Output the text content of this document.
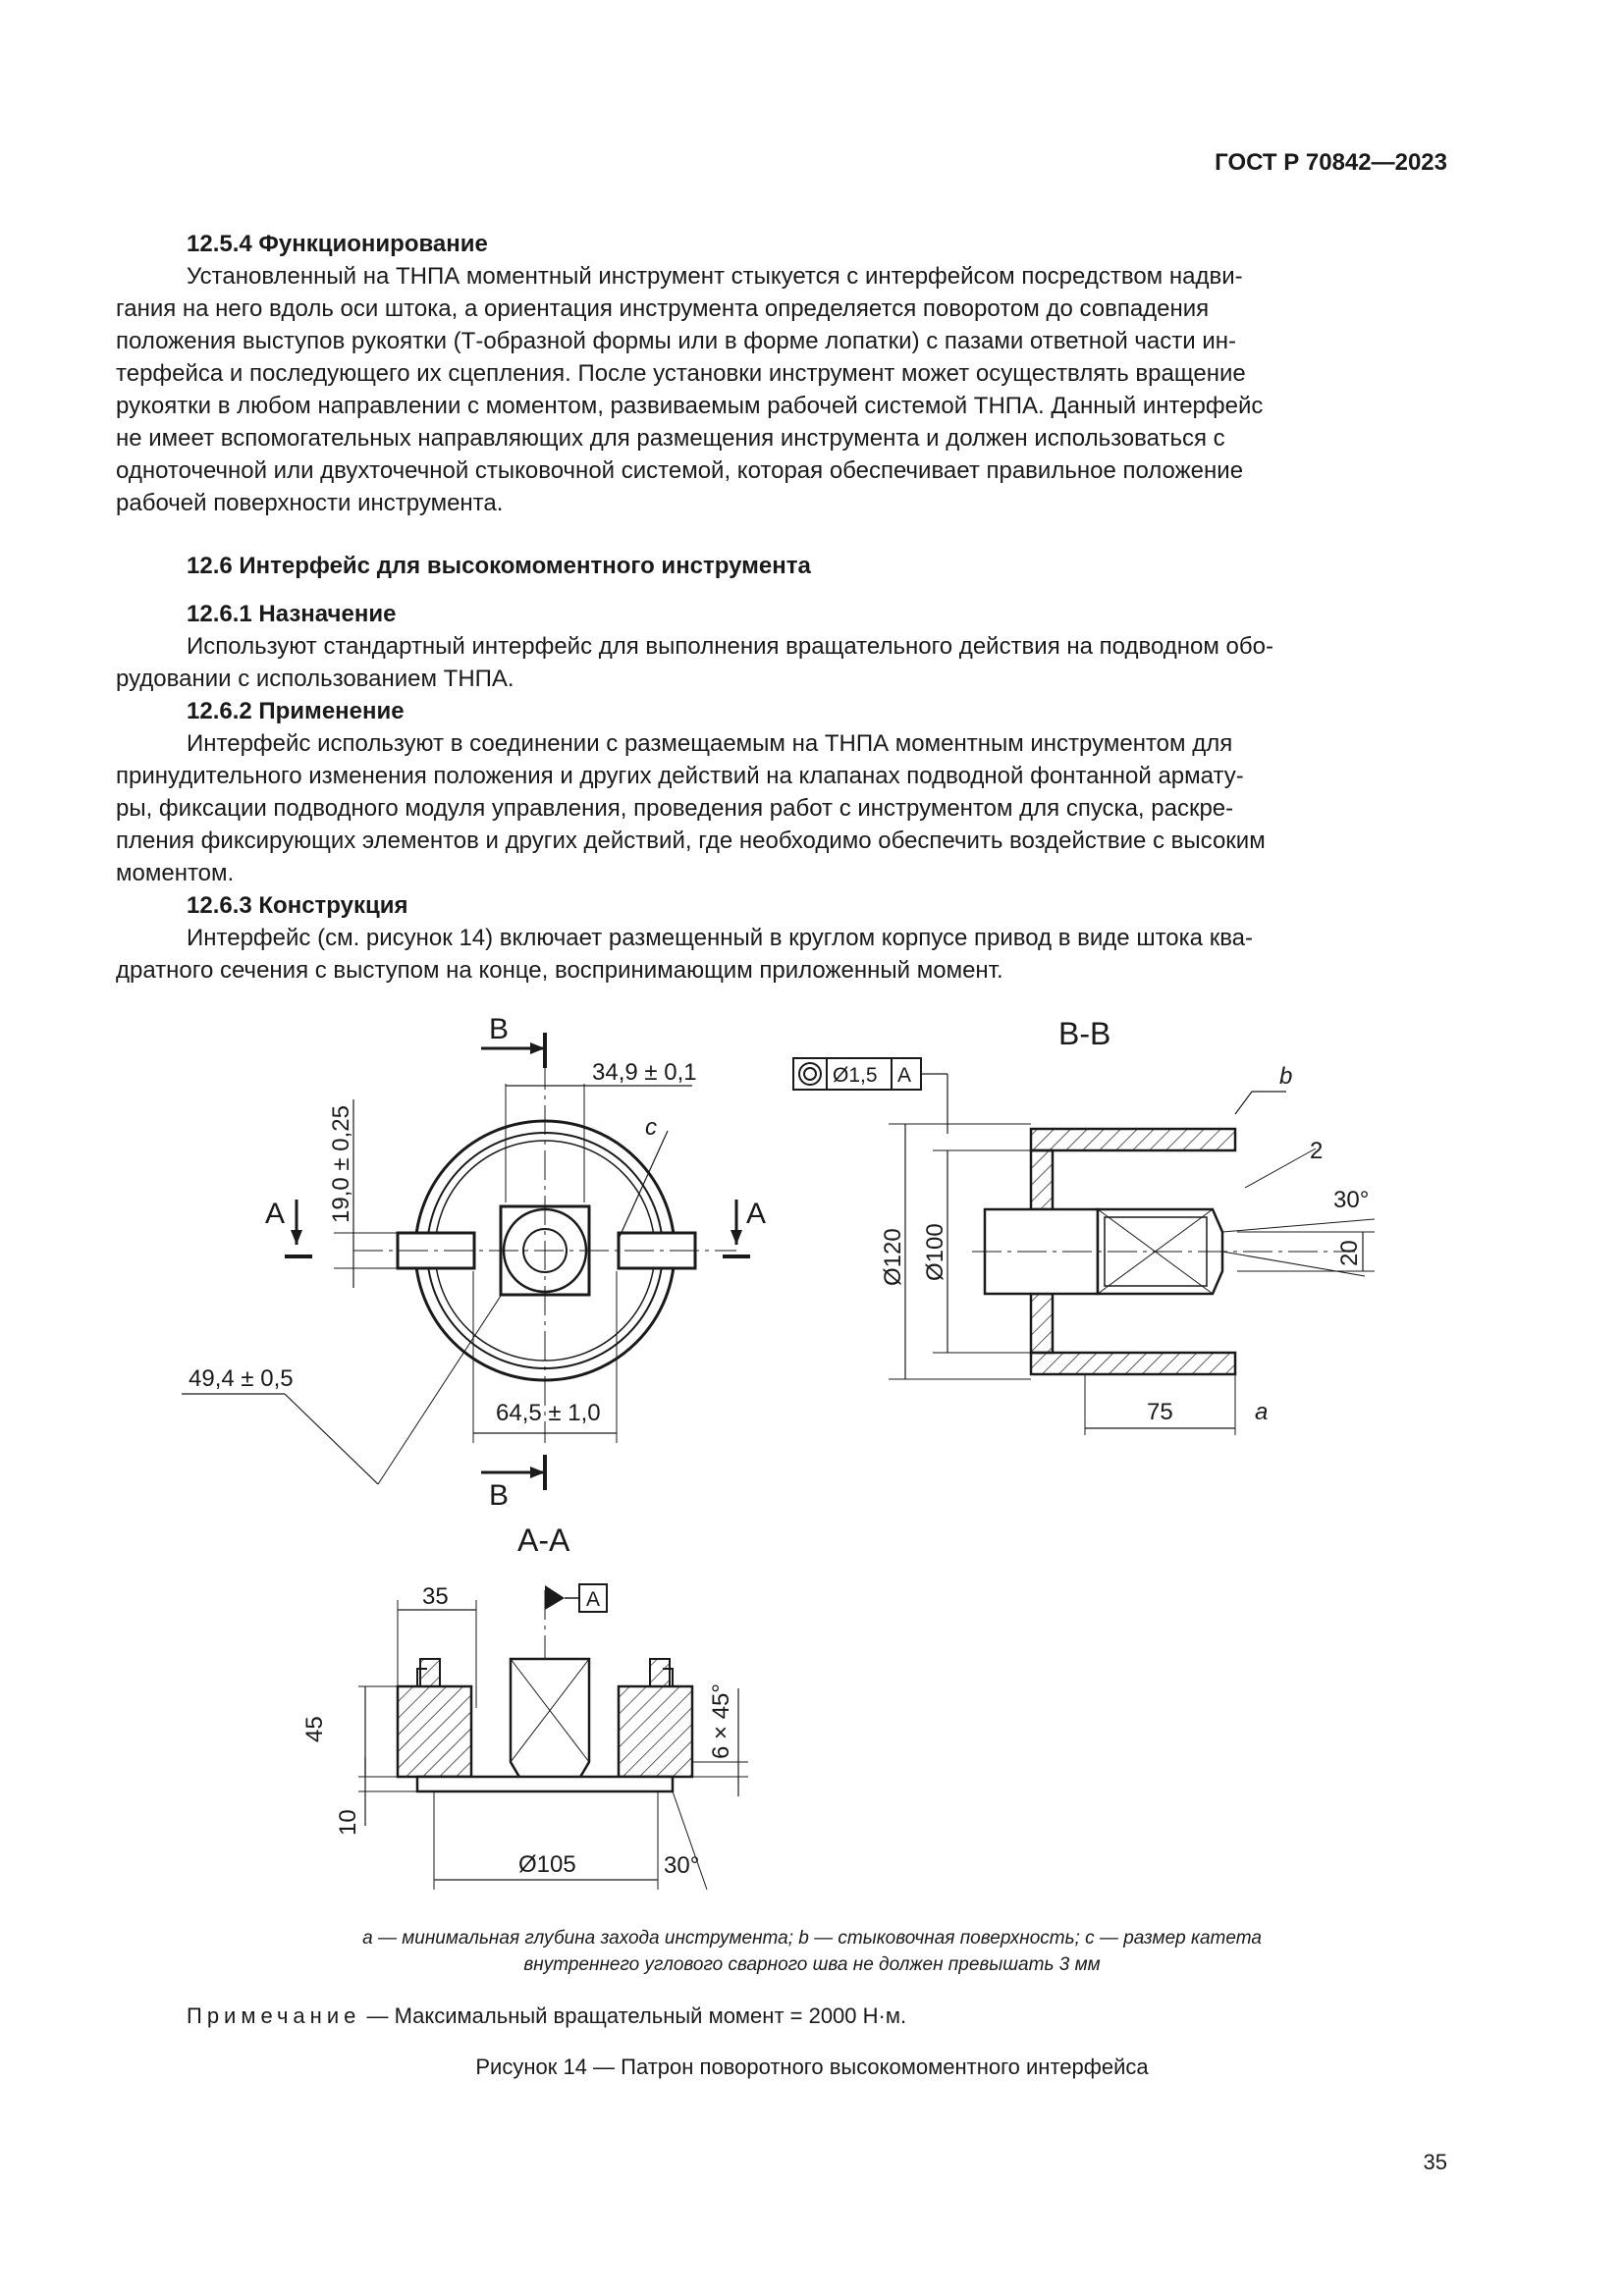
ГОСТ Р 70842—2023
12.5.4 Функционирование

Установленный на ТНПА моментный инструмент стыкуется с интерфейсом посредством надви-

гания на него вдоль оси штока, а ориентация инструмента определяется поворотом до совпадения

положения выступов рукоятки (Т-образной формы или в форме лопатки) с пазами ответной части ин-

терфейса и последующего их сцепления. После установки инструмент может осуществлять вращение

рукоятки в любом направлении с моментом, развиваемым рабочей системой ТНПА. Данный интерфейс

не имеет вспомогательных направляющих для размещения инструмента и должен использоваться с

одноточечной или двухточечной стыковочной системой, которая обеспечивает правильное положение

рабочей поверхности инструмента.

12.6 Интерфейс для высокомоментного инструмента
12.6.1 Назначение

Используют стандартный интерфейс для выполнения вращательного действия на подводном обо-

рудовании с использованием ТНПА.

12.6.2 Применение

Интерфейс используют в соединении с размещаемым на ТНПА моментным инструментом для

принудительного изменения положения и других действий на клапанах подводной фонтанной армату-

ры, фиксации подводного модуля управления, проведения работ с инструментом для спуска, раскре-

пления фиксирующих элементов и других действий, где необходимо обеспечить воздействие с высоким

моментом.

12.6.3 Конструкция

Интерфейс (см. рисунок 14) включает размещенный в круглом корпусе привод в виде штока ква-

дратного сечения с выступом на конце, воспринимающим приложенный момент.

B
B
A	A
34,9 ± 0,1
19,0 ± 0,25	c
49,4 ± 0,5
64,5 ± 1,0
B-B
Ø1,5 A
Ø120 Ø100
75	a
b
2
30°
20
A-A
A
35
45
10
Ø105	30°
6 × 45°
a — минимальная глубина захода инструмента; b — стыковочная поверхность; c — размер катета
внутреннего углового сварного шва не должен превышать 3 мм
Примечание — Максимальный вращательный момент = 2000 Н·м.
Рисунок 14 — Патрон поворотного высокомоментного интерфейса
35
